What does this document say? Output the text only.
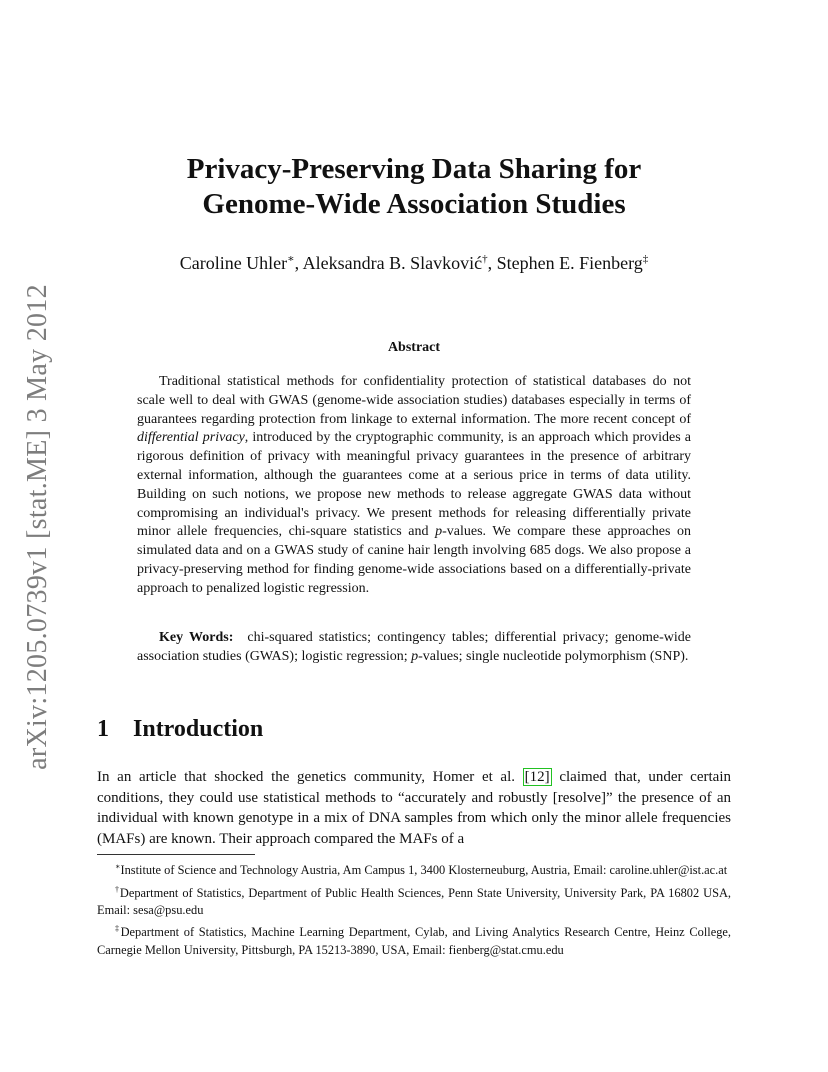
arXiv:1205.0739v1 [stat.ME] 3 May 2012
Privacy-Preserving Data Sharing for
Genome-Wide Association Studies
Caroline Uhler∗, Aleksandra B. Slavković†, Stephen E. Fienberg‡
Abstract
Traditional statistical methods for confidentiality protection of statistical databases do not scale well to deal with GWAS (genome-wide association studies) databases especially in terms of guarantees regarding protection from linkage to external information. The more recent concept of differential privacy, introduced by the cryptographic community, is an approach which provides a rigorous definition of privacy with meaningful privacy guarantees in the presence of arbitrary external information, although the guarantees come at a serious price in terms of data utility. Building on such notions, we propose new methods to release aggregate GWAS data without compromising an individual's privacy. We present methods for releasing differentially private minor allele frequencies, chi-square statistics and p-values. We compare these approaches on simulated data and on a GWAS study of canine hair length involving 685 dogs. We also propose a privacy-preserving method for finding genome-wide associations based on a differentially-private approach to penalized logistic regression.
Key Words: chi-squared statistics; contingency tables; differential privacy; genome-wide association studies (GWAS); logistic regression; p-values; single nucleotide polymorphism (SNP).
1 Introduction
In an article that shocked the genetics community, Homer et al. [12] claimed that, under certain conditions, they could use statistical methods to “accurately and robustly [resolve]” the presence of an individual with known genotype in a mix of DNA samples from which only the minor allele frequencies (MAFs) are known. Their approach compared the MAFs of a
∗Institute of Science and Technology Austria, Am Campus 1, 3400 Klosterneuburg, Austria, Email: caroline.uhler@ist.ac.at
†Department of Statistics, Department of Public Health Sciences, Penn State University, University Park, PA 16802 USA, Email: sesa@psu.edu
‡Department of Statistics, Machine Learning Department, Cylab, and Living Analytics Research Centre, Heinz College, Carnegie Mellon University, Pittsburgh, PA 15213-3890, USA, Email: fienberg@stat.cmu.edu
